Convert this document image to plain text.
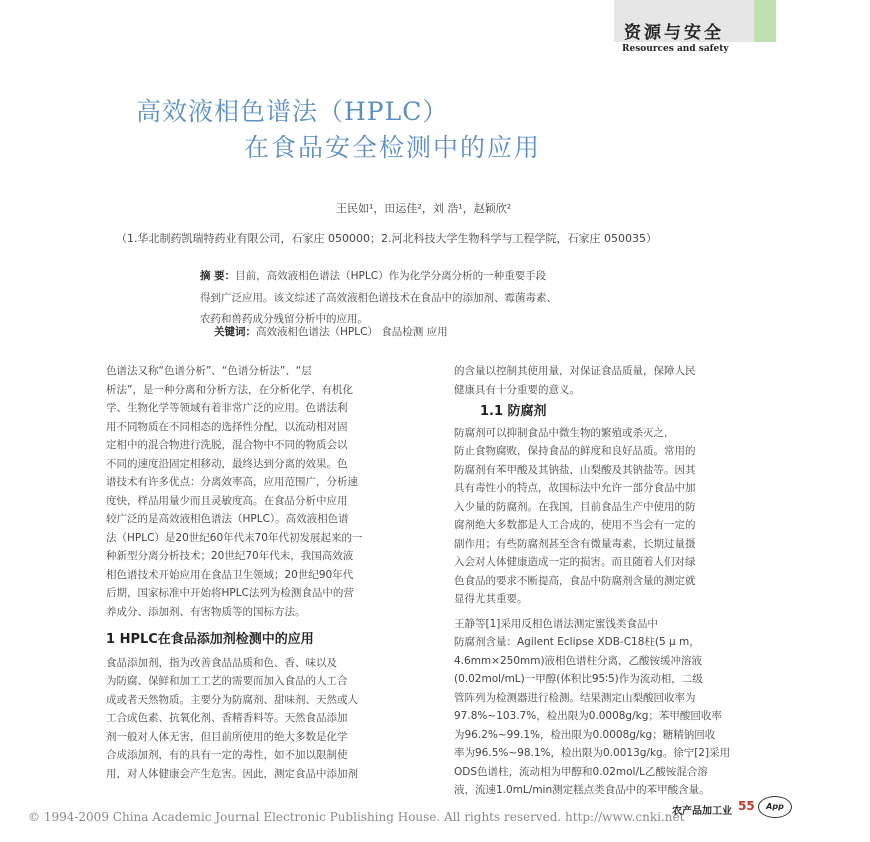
资源与安全
Resources and safety
高效液相色谱法（HPLC）
在食品安全检测中的应用
王民如¹，田运佳²，刘 浩¹，赵颖欣²
（1.华北制药凯瑞特药业有限公司，石家庄 050000；2.河北科技大学生物科学与工程学院，石家庄 050035）
摘 要：目前，高效液相色谱法（HPLC）作为化学分离分析的一种重要手段
得到广泛应用。该文综述了高效液相色谱技术在食品中的添加剂、霉菌毒素、
农药和兽药成分残留分析中的应用。
关键词：高效液相色谱法（HPLC） 食品检测 应用

色谱法又称“色谱分析”、“色谱分析法”、“层

析法”，是一种分离和分析方法，在分析化学、有机化

学、生物化学等领域有着非常广泛的应用。色谱法利

用不同物质在不同相态的选择性分配，以流动相对固

定相中的混合物进行洗脱，混合物中不同的物质会以

不同的速度沿固定相移动，最终达到分离的效果。色

谱技术有许多优点：分离效率高，应用范围广，分析速

度快，样品用量少而且灵敏度高。在食品分析中应用

较广泛的是高效液相色谱法（HPLC）。高效液相色谱

法（HPLC）是20世纪60年代末70年代初发展起来的一

种新型分离分析技术；20世纪70年代末，我国高效液

相色谱技术开始应用在食品卫生领域；20世纪90年代

后期，国家标准中开始将HPLC法列为检测食品中的营

养成分、添加剂、有害物质等的国标方法。

1 HPLC在食品添加剂检测中的应用

食品添加剂，指为改善食品品质和色、香、味以及

为防腐、保鲜和加工工艺的需要而加入食品的人工合

成或者天然物质。主要分为防腐剂、甜味剂、天然或人

工合成色素、抗氧化剂、香精香料等。天然食品添加

剂一般对人体无害，但目前所使用的绝大多数是化学

合成添加剂，有的具有一定的毒性，如不加以限制使

用，对人体健康会产生危害。因此，测定食品中添加剂

的含量以控制其使用量，对保证食品质量，保障人民

健康具有十分重要的意义。

1.1 防腐剂

防腐剂可以抑制食品中微生物的繁殖或杀灭之，

防止食物腐败，保持食品的鲜度和良好品质。常用的

防腐剂有苯甲酸及其钠盐，山梨酸及其钠盐等。因其

具有毒性小的特点，故国标法中允许一部分食品中加

入少量的防腐剂。在我国，目前食品生产中使用的防

腐剂绝大多数都是人工合成的，使用不当会有一定的

副作用；有些防腐剂甚至含有微量毒素，长期过量摄

入会对人体健康造成一定的损害。而且随着人们对绿

色食品的要求不断提高，食品中防腐剂含量的测定就

显得尤其重要。

王静等[1]采用反相色谱法测定蜜饯类食品中

防腐剂含量：Agilent Eclipse XDB-C18柱(5 μ m，

4.6mm×250mm)液相色谱柱分离，乙酸铵缓冲溶液

(0.02mol/mL)一甲醇(体积比95∶5)作为流动相，二级

管阵列为检测器进行检测。结果测定山梨酸回收率为

97.8%~103.7%，检出限为0.0008g/kg；苯甲酸回收率

为96.2%~99.1%，检出限为0.0008g/kg；糖精钠回收

率为96.5%~98.1%，检出限为0.0013g/kg。徐宁[2]采用

ODS色谱柱，流动相为甲醇和0.02mol/L乙酸铵混合溶

液，流速1.0mL/min测定糕点类食品中的苯甲酸含量。

© 1994-2009 China Academic Journal Electronic Publishing House. All rights reserved. http://www.cnki.net
农产品加工业 55	App
